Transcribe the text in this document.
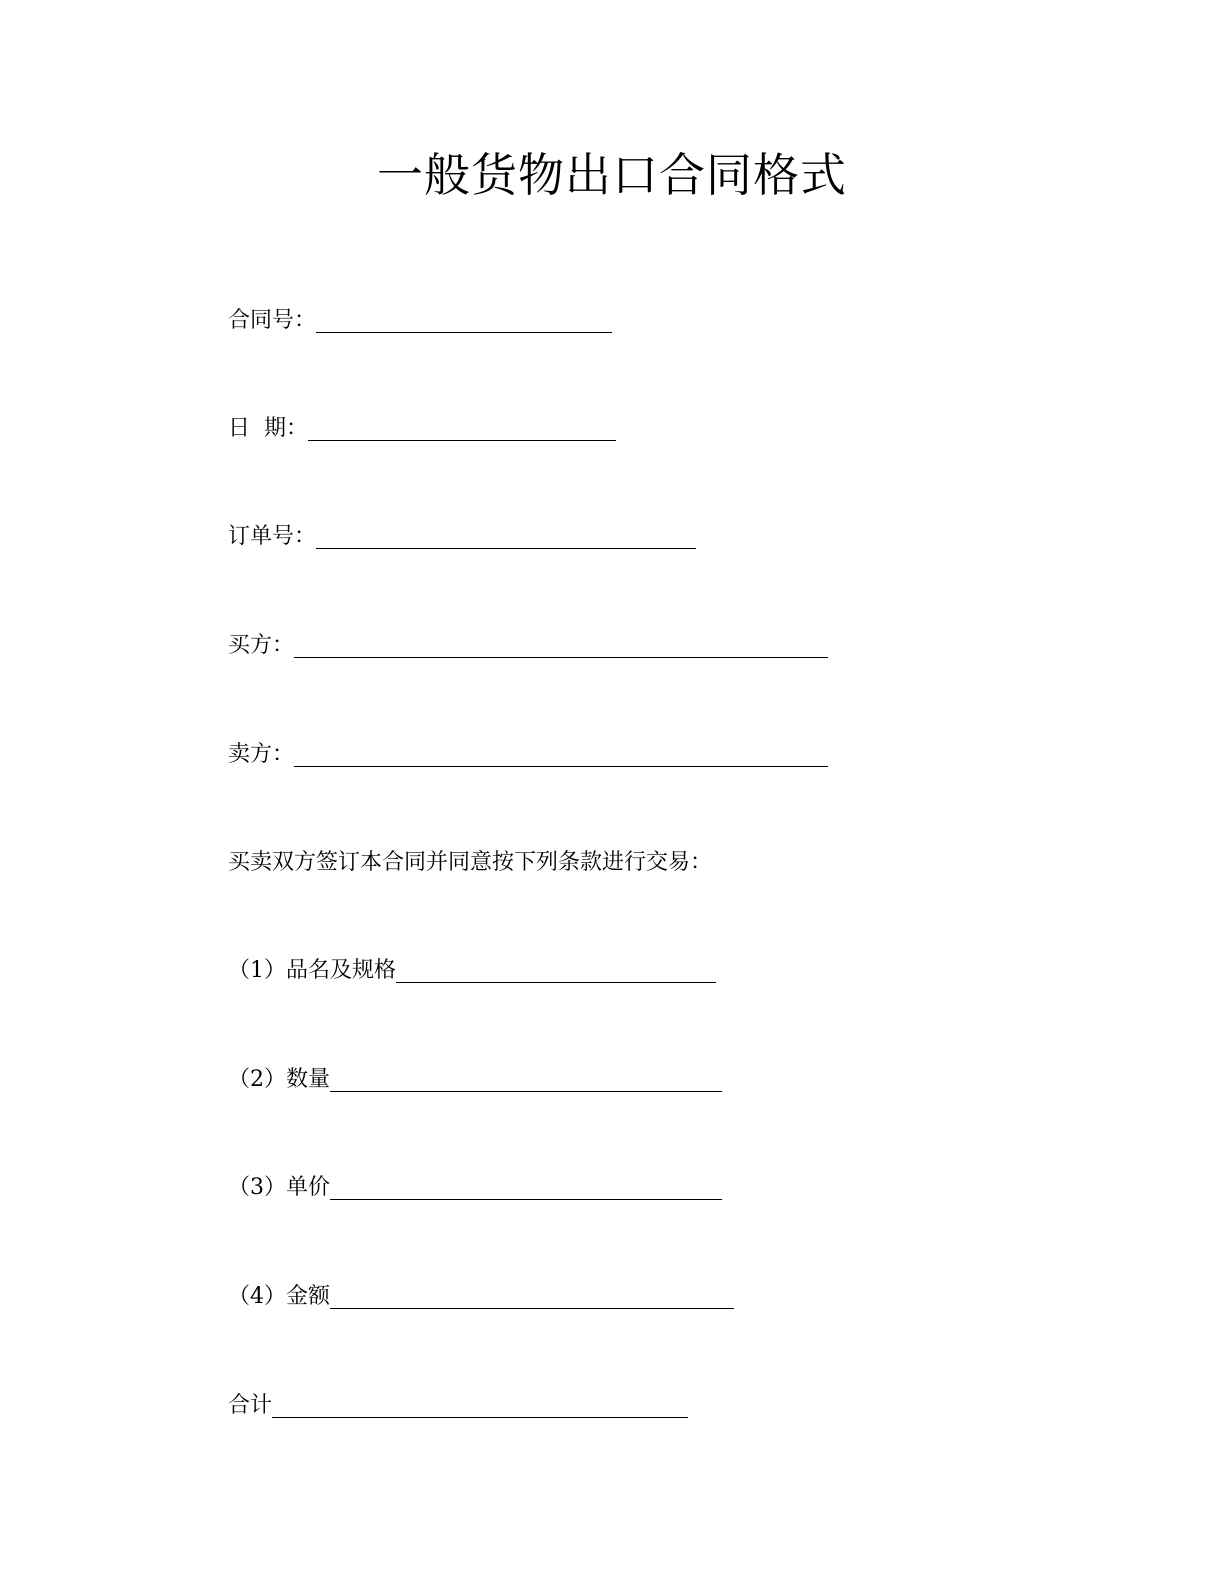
一般货物出口合同格式
合同号：
日  期：
订单号：
买方：
卖方：
买卖双方签订本合同并同意按下列条款进行交易：
（1）品名及规格
（2）数量
（3）单价
（4）金额
合计
